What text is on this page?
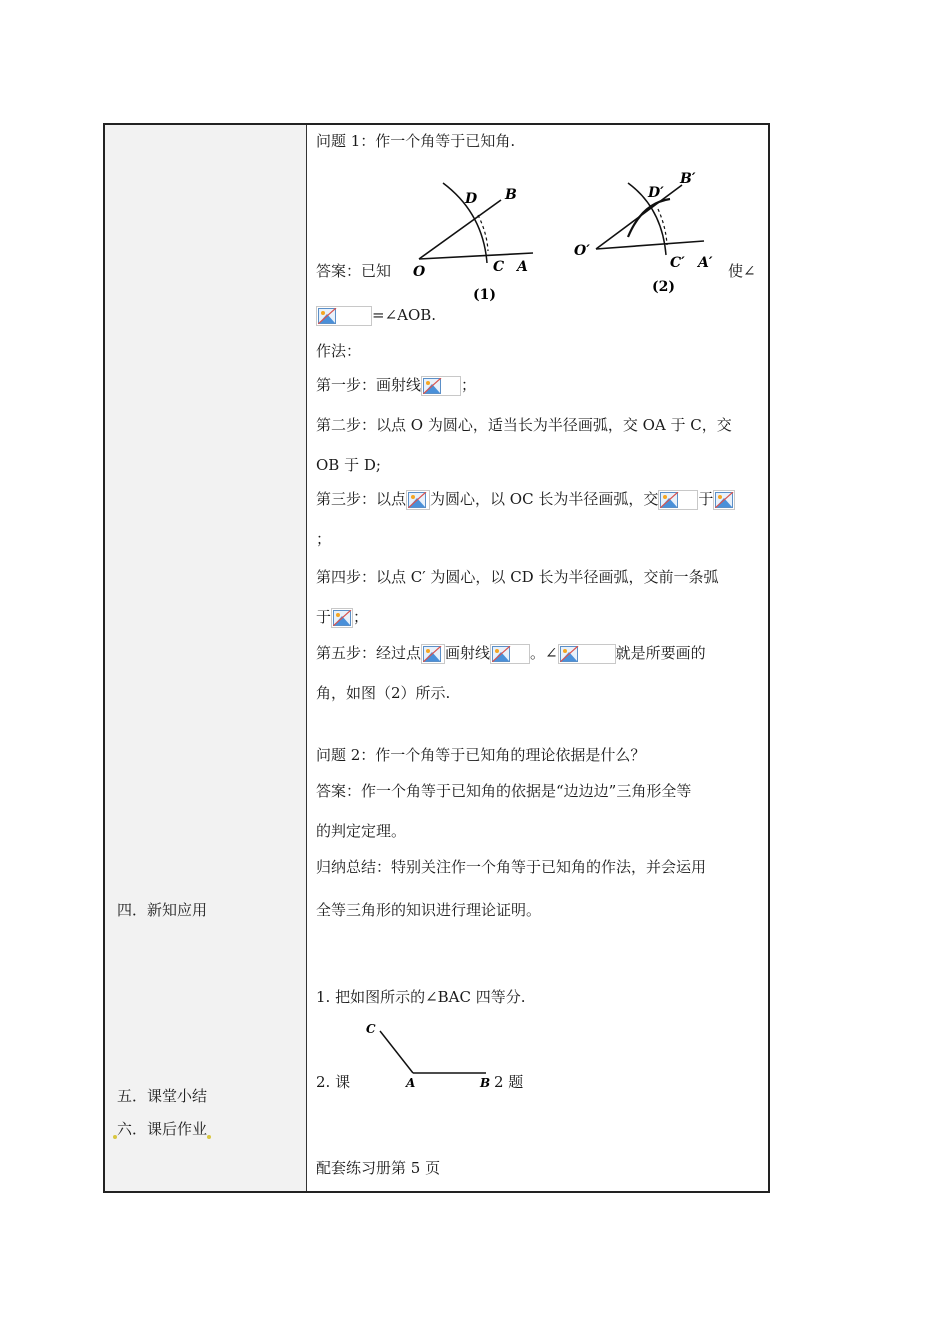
四．新知应用
五．课堂小结
六．课后作业
问题 1：作一个角等于已知角.
D B
O	C A
(1)
D′
B′
O′
C′ A′
(2)
答案：已知	使∠
=∠AOB.
作法：
第一步：画射线	；
第二步：以点 O 为圆心，适当长为半径画弧，交 OA 于 C，交
OB 于 D;
第三步：以点 为圆心，以 OC 长为半径画弧，交	于
；
第四步：以点 C′ 为圆心，以 CD 长为半径画弧，交前一条弧
于 ；
第五步：经过点 画射线	。∠	就是所要画的
角，如图（2）所示.
问题 2：作一个角等于已知角的理论依据是什么？
答案：作一个角等于已知角的依据是“边边边”三角形全等
的判定定理。
归纳总结：特别关注作一个角等于已知角的作法，并会运用
全等三角形的知识进行理论证明。
1. 把如图所示的∠BAC 四等分.
C
A	B
2. 课	2 题
配套练习册第 5 页
